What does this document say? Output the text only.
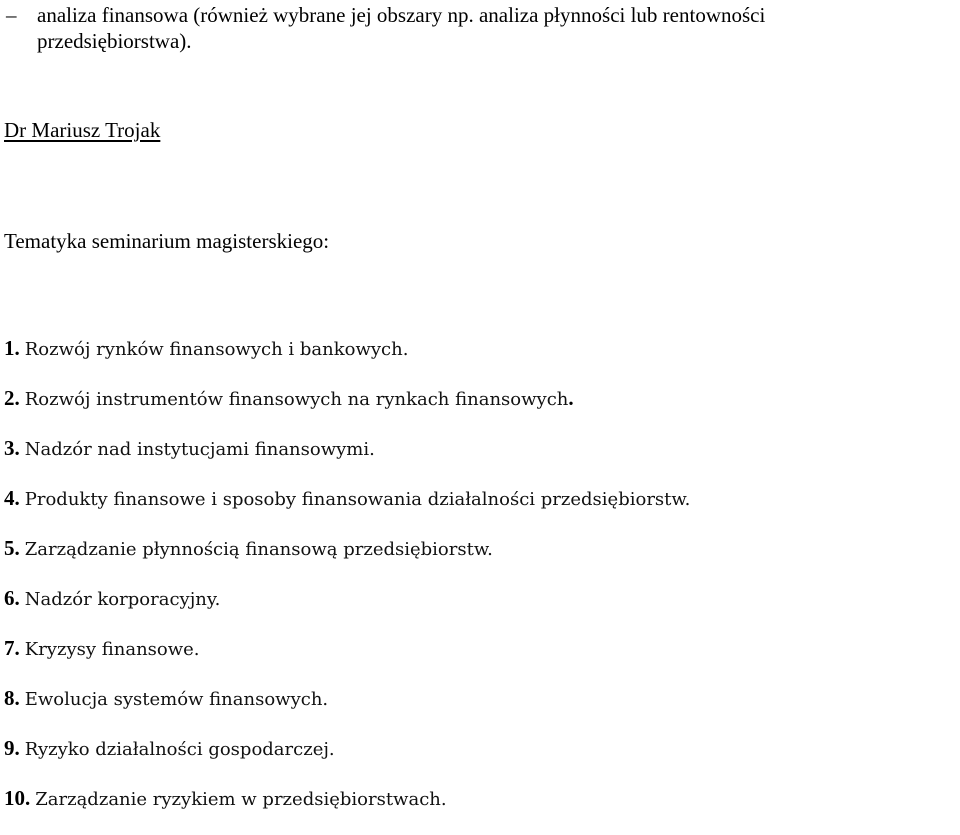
– analiza finansowa (również wybrane jej obszary np. analiza płynności lub rentowności
przedsiębiorstwa).
Dr Mariusz Trojak
Tematyka seminarium magisterskiego:
1. Rozwój rynków finansowych i bankowych.
2. Rozwój instrumentów finansowych na rynkach finansowych.
3. Nadzór nad instytucjami finansowymi.
4. Produkty finansowe i sposoby finansowania działalności przedsiębiorstw.
5. Zarządzanie płynnością finansową przedsiębiorstw.
6. Nadzór korporacyjny.
7. Kryzysy finansowe.
8. Ewolucja systemów finansowych.
9. Ryzyko działalności gospodarczej.
10. Zarządzanie ryzykiem w przedsiębiorstwach.
